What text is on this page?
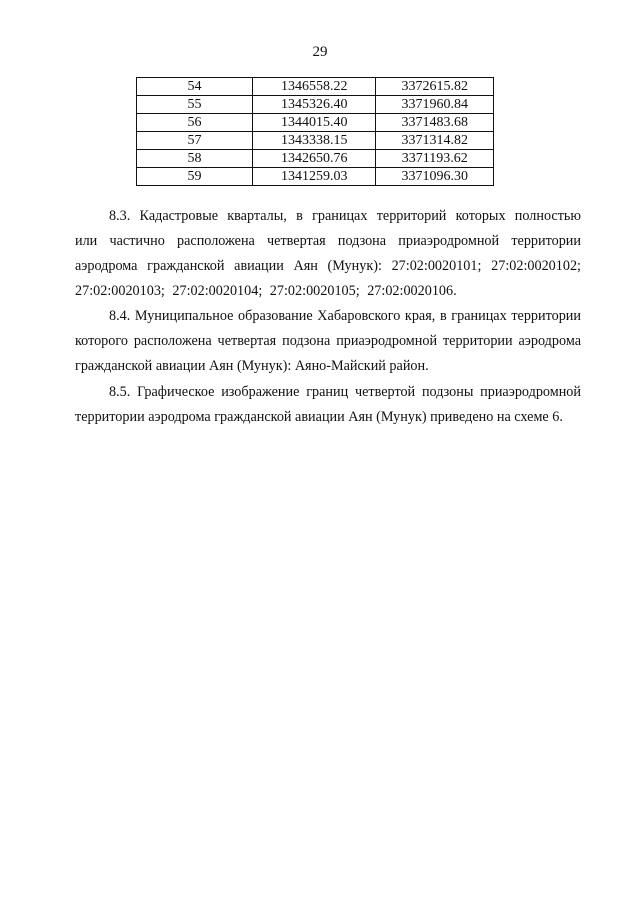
29
54	1346558.22	3372615.82
55	1345326.40	3371960.84
56	1344015.40	3371483.68
57	1343338.15	3371314.82
58	1342650.76	3371193.62
59	1341259.03	3371096.30

8.3. Кадастровые кварталы, в границах территорий которых полностью или частично расположена четвертая подзона приаэродромной территории аэродрома гражданской авиации Аян (Мунук): 27:02:0020101; 27:02:0020102; 27:02:0020103; 27:02:0020104; 27:02:0020105; 27:02:0020106.

8.4. Муниципальное образование Хабаровского края, в границах территории которого расположена четвертая подзона приаэродромной территории аэродрома гражданской авиации Аян (Мунук): Аяно-Майский район.

8.5. Графическое изображение границ четвертой подзоны приаэродромной территории аэродрома гражданской авиации Аян (Мунук) приведено на схеме 6.
